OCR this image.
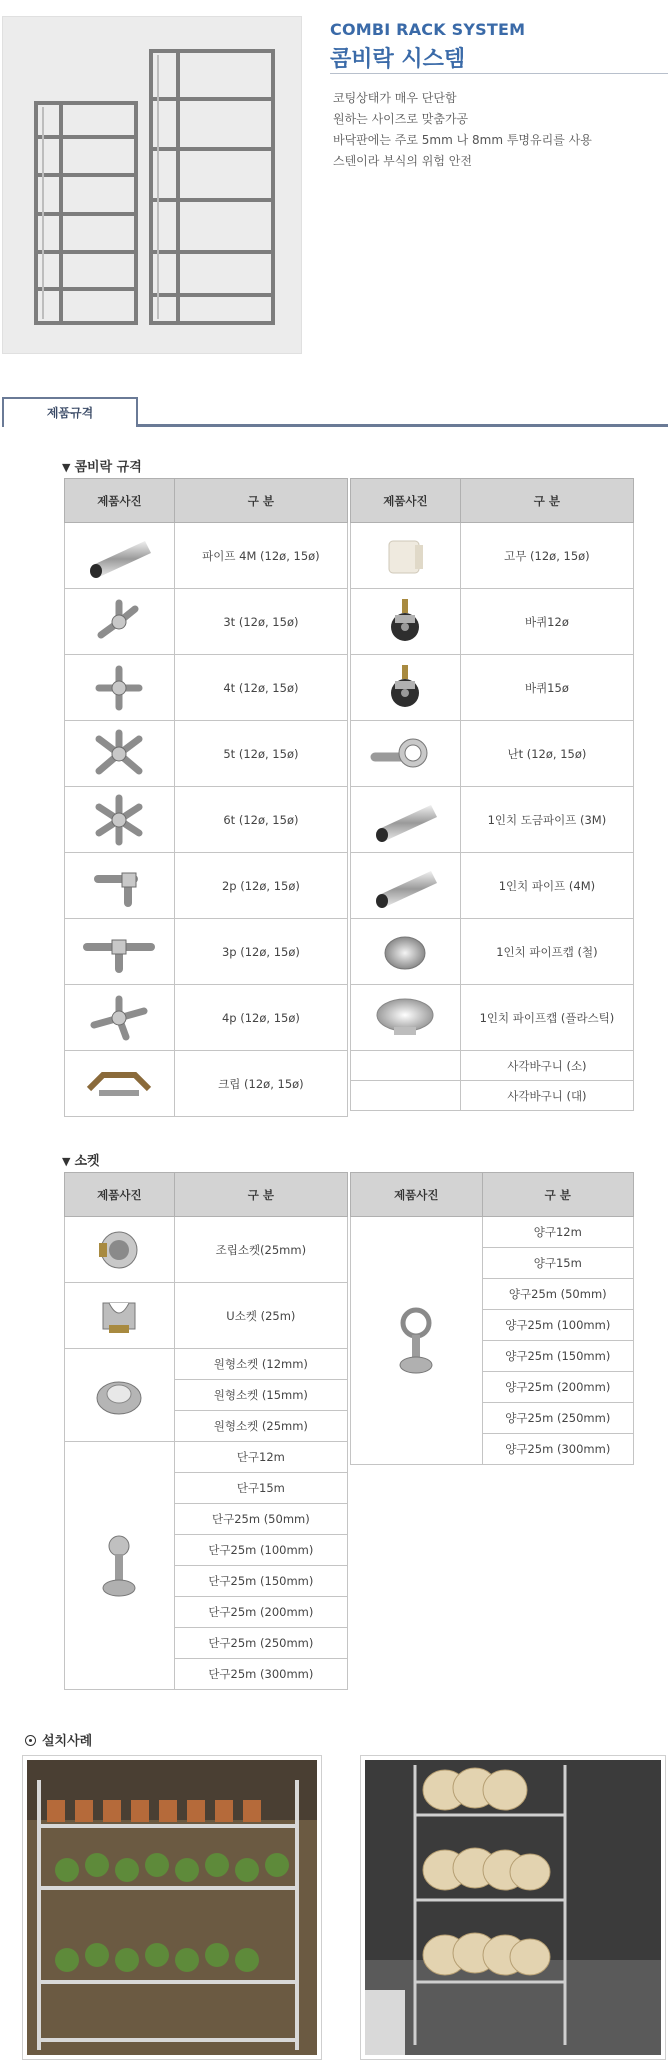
COMBI RACK SYSTEM
콤비락 시스템
코팅상태가 매우 단단함
원하는 사이즈로 맞춤가공
바닥판에는 주로 5mm 나 8mm 투명유리를 사용
스텐이라 부식의 위험 안전
제품규격
▼ 콤비락 규격
제품사진	구 분

	파이프 4M (12ø, 15ø)

	3t (12ø, 15ø)

	4t (12ø, 15ø)

	5t (12ø, 15ø)

	6t (12ø, 15ø)

	2p (12ø, 15ø)

	3p (12ø, 15ø)

	4p (12ø, 15ø)

	크립 (12ø, 15ø)
제품사진	구 분

	고무 (12ø, 15ø)

	바퀴12ø

	바퀴15ø

	난t (12ø, 15ø)

	1인치 도금파이프 (3M)

	1인치 파이프 (4M)

	1인치 파이프캡 (철)

	1인치 파이프캡 (플라스틱)
	사각바구니 (소)
	사각바구니 (대)
▼ 소켓
제품사진	구 분

	조립소켓(25mm)

	U소켓 (25m)

	원형소켓 (12mm)
	원형소켓 (15mm)
	원형소켓 (25mm)

	단구12m
	단구15m
	단구25m (50mm)
	단구25m (100mm)
	단구25m (150mm)
	단구25m (200mm)
	단구25m (250mm)
	단구25m (300mm)
제품사진	구 분

	양구12m
	양구15m
	양구25m (50mm)
	양구25m (100mm)
	양구25m (150mm)
	양구25m (200mm)
	양구25m (250mm)
	양구25m (300mm)
설치사례
